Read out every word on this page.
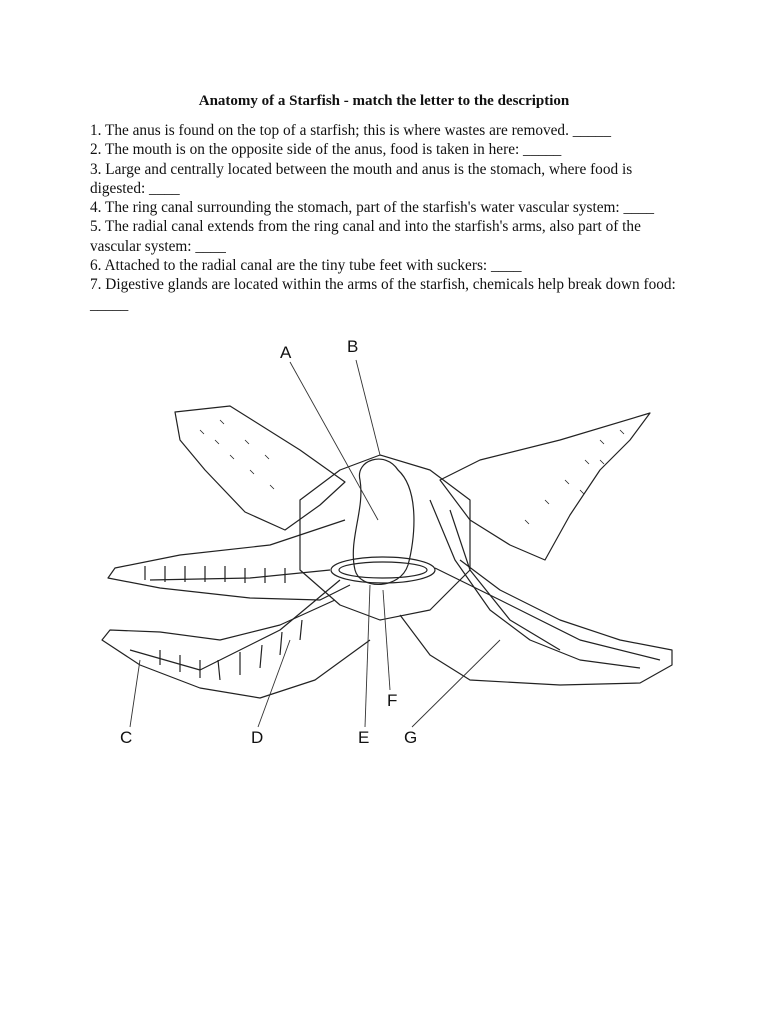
Anatomy of a Starfish - match the letter to the description

1. The anus is found on the top of a starfish; this is where wastes are removed. _____

2. The mouth is on the opposite side of the anus, food is taken in here: _____

3. Large and centrally located between the mouth and anus is the stomach, where food is digested: ____

4. The ring canal surrounding the stomach, part of the starfish's water vascular system: ____

5. The radial canal extends from the ring canal and into the starfish's arms, also part of the vascular system: ____

6. Attached to the radial canal are the tiny tube feet with suckers: ____

7. Digestive glands are located within the arms of the starfish, chemicals help break down food: _____

A	B
C	D	E
F
G
